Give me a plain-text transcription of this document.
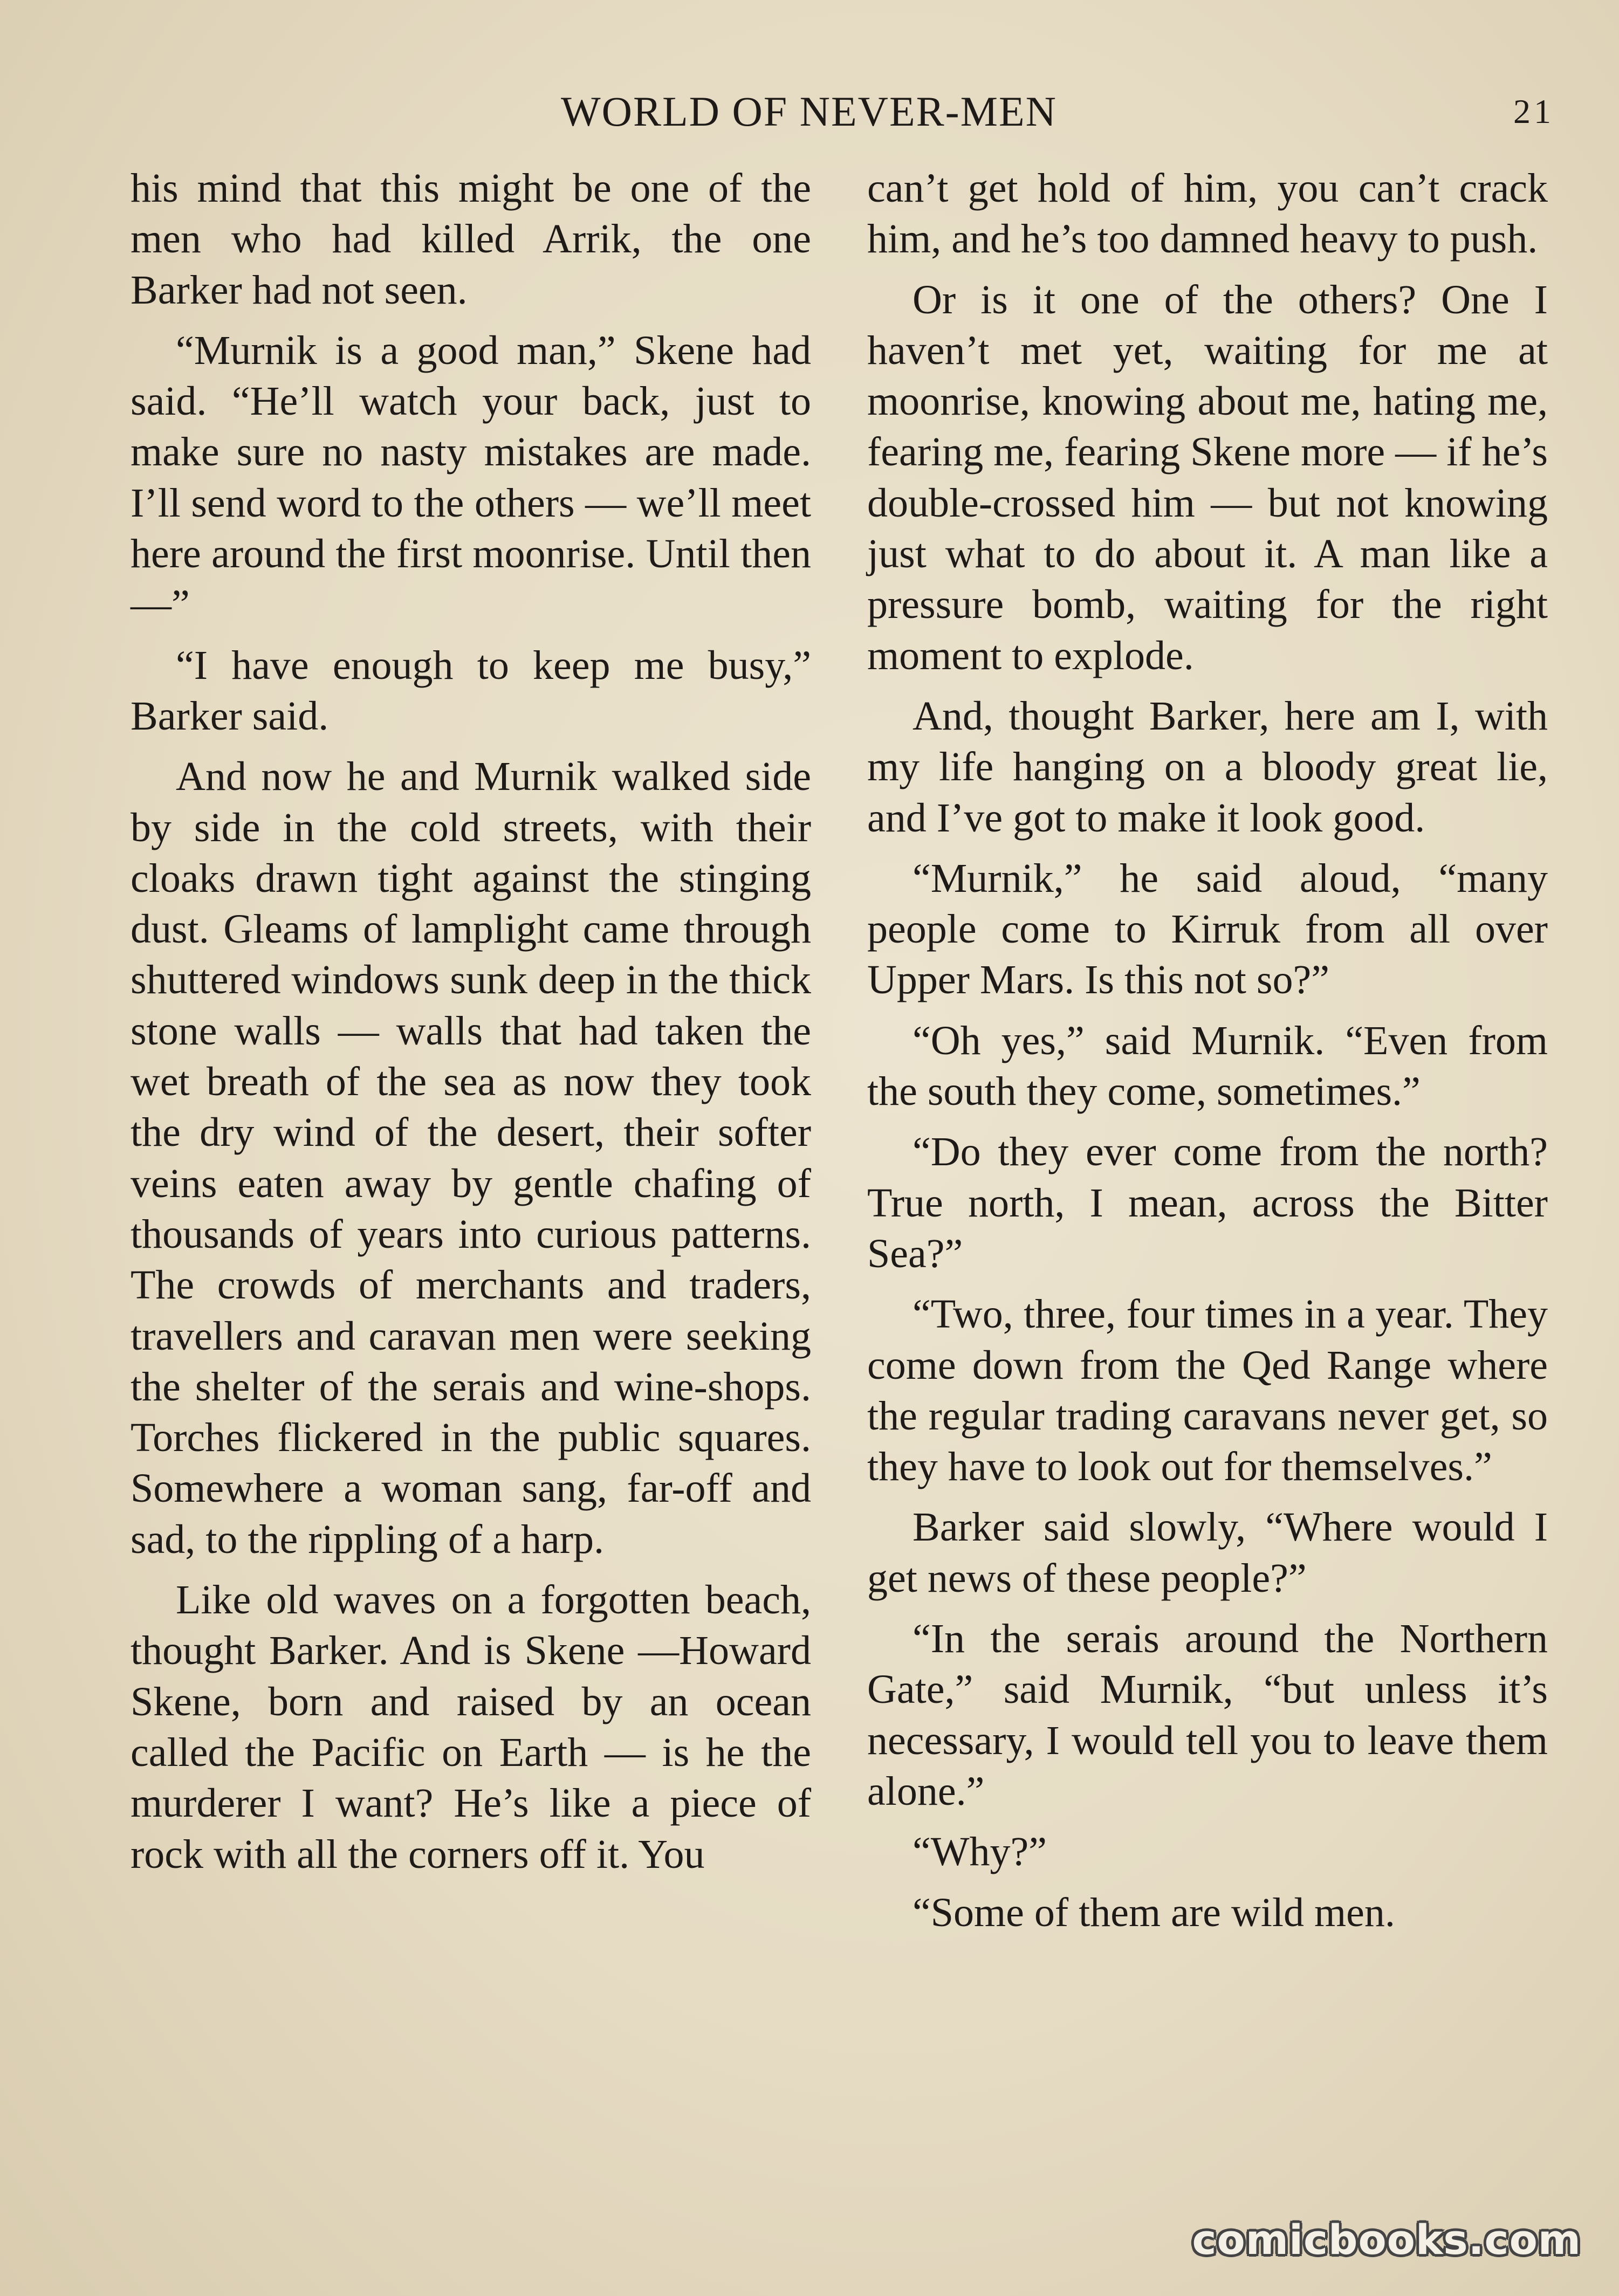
WORLD OF NEVER-MEN	21

his mind that this might be one of the men who had killed Arrik, the one Barker had not seen.

“Murnik is a good man,” Skene had said. “He’ll watch your back, just to make sure no nasty mistakes are made. I’ll send word to the others — we’ll meet here around the first moonrise. Until then —”

“I have enough to keep me busy,” Barker said.

And now he and Murnik walked side by side in the cold streets, with their cloaks drawn tight against the stinging dust. Gleams of lamplight came through shuttered windows sunk deep in the thick stone walls — walls that had taken the wet breath of the sea as now they took the dry wind of the desert, their softer veins eaten away by gentle chafing of thousands of years into curious patterns. The crowds of merchants and traders, travellers and caravan men were seeking the shelter of the serais and wine-shops. Torches flickered in the public squares. Somewhere a woman sang, far-off and sad, to the rippling of a harp.

Like old waves on a forgotten beach, thought Barker. And is Skene —Howard Skene, born and raised by an ocean called the Pacific on Earth — is he the murderer I want? He’s like a piece of rock with all the corners off it. You

can’t get hold of him, you can’t crack him, and he’s too damned heavy to push.

Or is it one of the others? One I haven’t met yet, waiting for me at moonrise, knowing about me, hating me, fearing me, fearing Skene more — if he’s double-crossed him — but not knowing just what to do about it. A man like a pressure bomb, waiting for the right moment to explode.

And, thought Barker, here am I, with my life hanging on a bloody great lie, and I’ve got to make it look good.

“Murnik,” he said aloud, “many people come to Kirruk from all over Upper Mars. Is this not so?”

“Oh yes,” said Murnik. “Even from the south they come, sometimes.”

“Do they ever come from the north? True north, I mean, across the Bitter Sea?”

“Two, three, four times in a year. They come down from the Qed Range where the regular trading caravans never get, so they have to look out for themselves.”

Barker said slowly, “Where would I get news of these people?”

“In the serais around the Northern Gate,” said Murnik, “but unless it’s necessary, I would tell you to leave them alone.”

“Why?”

“Some of them are wild men.

comicbooks.com
